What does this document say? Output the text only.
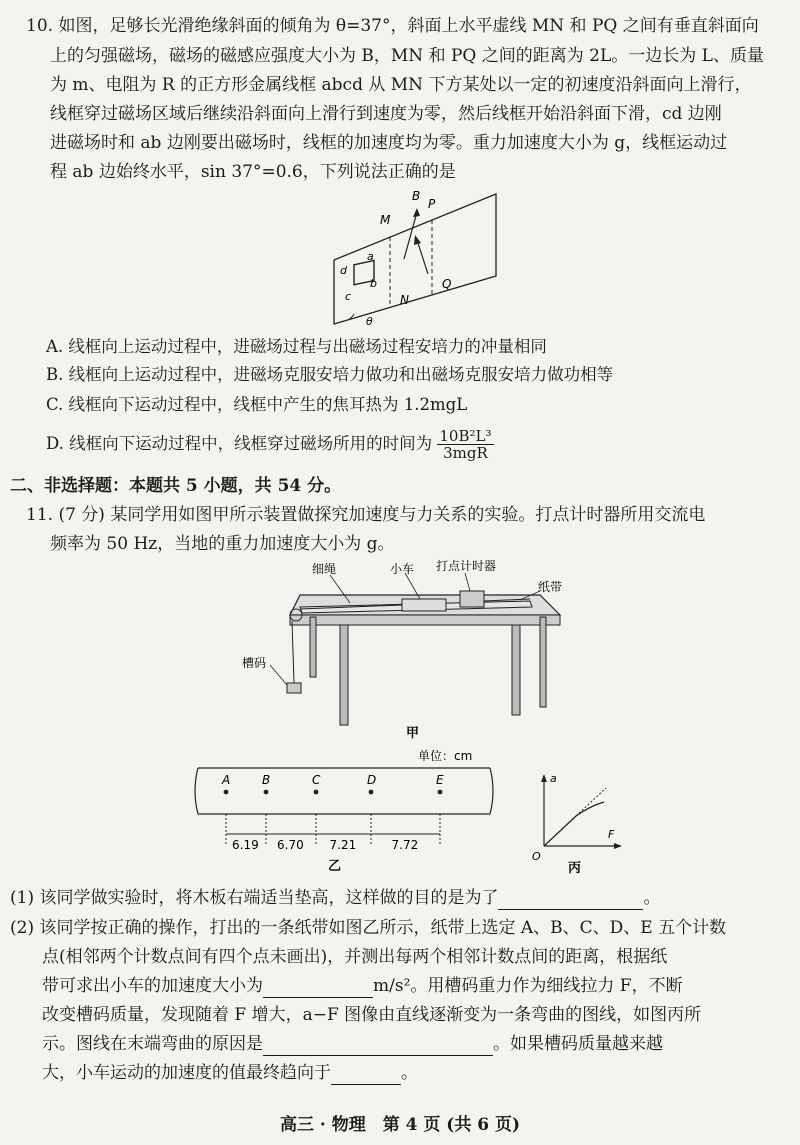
10. 如图，足够长光滑绝缘斜面的倾角为 θ=37°，斜面上水平虚线 MN 和 PQ 之间有垂直斜面向
上的匀强磁场，磁场的磁感应强度大小为 B，MN 和 PQ 之间的距离为 2L。一边长为 L、质量
为 m、电阻为 R 的正方形金属线框 abcd 从 MN 下方某处以一定的初速度沿斜面向上滑行，
线框穿过磁场区域后继续沿斜面向上滑行到速度为零，然后线框开始沿斜面下滑，cd 边刚
进磁场时和 ab 边刚要出磁场时，线框的加速度均为零。重力加速度大小为 g，线框运动过
程 ab 边始终水平，sin 37°=0.6，下列说法正确的是
B
M
P
N
Q
a
b
c
d
θ
A. 线框向上运动过程中，进磁场过程与出磁场过程安培力的冲量相同
B. 线框向上运动过程中，进磁场克服安培力做功和出磁场克服安培力做功相等
C. 线框向下运动过程中，线框中产生的焦耳热为 1.2mgL
D. 线框向下运动过程中，线框穿过磁场所用的时间为 $\frac{\text{10B²L³}}{\text{3mgR}}$
二、非选择题：本题共 5 小题，共 54 分。
11. (7 分) 某同学用如图甲所示装置做探究加速度与力关系的实验。打点计时器所用交流电
频率为 50 Hz，当地的重力加速度大小为 g。
细绳	小车 打点计时器
纸带
槽码
甲
单位：cm
A	B	C	D	E
6.19 6.70 7.21	7.72
乙
a
F
O
丙
(1) 该同学做实验时，将木板右端适当垫高，这样做的目的是为了	。
(2) 该同学按正确的操作，打出的一条纸带如图乙所示，纸带上选定 A、B、C、D、E 五个计数
点(相邻两个计数点间有四个点未画出)，并测出每两个相邻计数点间的距离，根据纸
带可求出小车的加速度大小为	m/s²。用槽码重力作为细线拉力 F，不断
改变槽码质量，发现随着 F 增大，a−F 图像由直线逐渐变为一条弯曲的图线，如图丙所
示。图线在末端弯曲的原因是	。如果槽码质量越来越
大，小车运动的加速度的值最终趋向于	。
高三 · 物理　第 4 页 (共 6 页)
